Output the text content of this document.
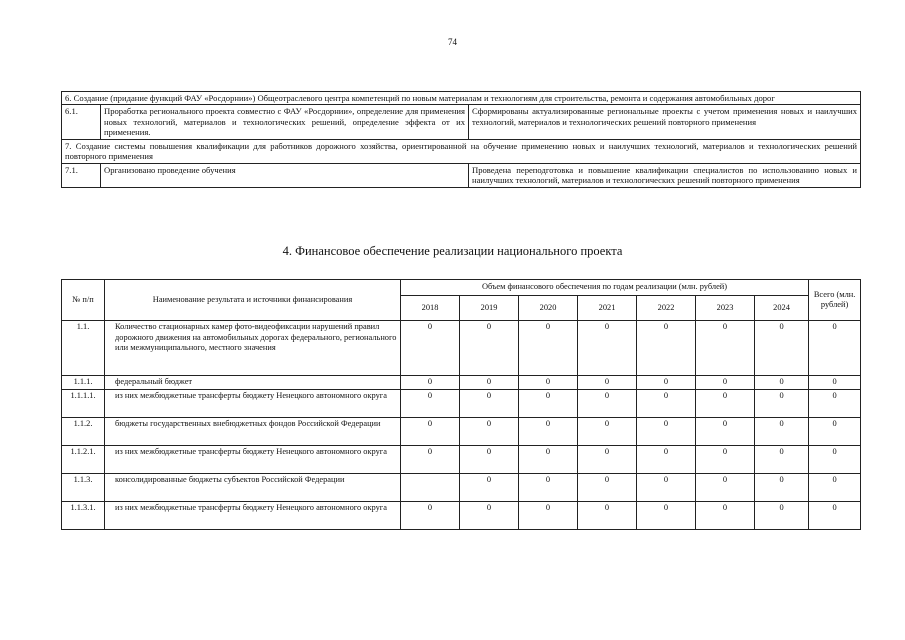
74
6. Создание (придание функций ФАУ «Росдорнии») Общеотраслевого центра компетенций по новым материалам и технологиям для строительства, ремонта и содержания автомобильных дорог		
6.1.	Проработка регионального проекта совместно с ФАУ «Росдорнии», определение для применения новых технологий, материалов и технологических решений, определение эффекта от их применения.	Сформированы актуализированные региональные проекты с учетом применения новых и наилучших технологий, материалов и технологических решений повторного применения
7. Создание системы повышения квалификации для работников дорожного хозяйства, ориентированной на обучение применению новых и наилучших технологий, материалов и технологических решений повторного применения		
7.1.	Организовано проведение обучения	Проведена переподготовка и повышение квалификации специалистов по использованию новых и наилучших технологий, материалов и технологических решений повторного применения
4. Финансовое обеспечение реализации национального проекта
№ п/п	Наименование результата и источники финансирования	Объем финансового обеспечения по годам реализации (млн. рублей)							Всего (млн. рублей)
		2018	2019	2020	2021	2022	2023	2024	
1.1.	Количество стационарных камер фото-видеофиксации нарушений правил дорожного движения на автомобильных дорогах федерального, регионального или межмуниципального, местного значения	0	0	0	0	0	0	0	0
1.1.1.	федеральный бюджет	0	0	0	0	0	0	0	0
1.1.1.1.	из них межбюджетные трансферты бюджету Ненецкого автономного округа	0	0	0	0	0	0	0	0
1.1.2.	бюджеты государственных внебюджетных фондов Российской Федерации	0	0	0	0	0	0	0	0
1.1.2.1.	из них межбюджетные трансферты бюджету Ненецкого автономного округа	0	0	0	0	0	0	0	0
1.1.3.	консолидированные бюджеты субъектов Российской Федерации		0	0	0	0	0	0	0
1.1.3.1.	из них межбюджетные трансферты бюджету Ненецкого автономного округа	0	0	0	0	0	0	0	0
